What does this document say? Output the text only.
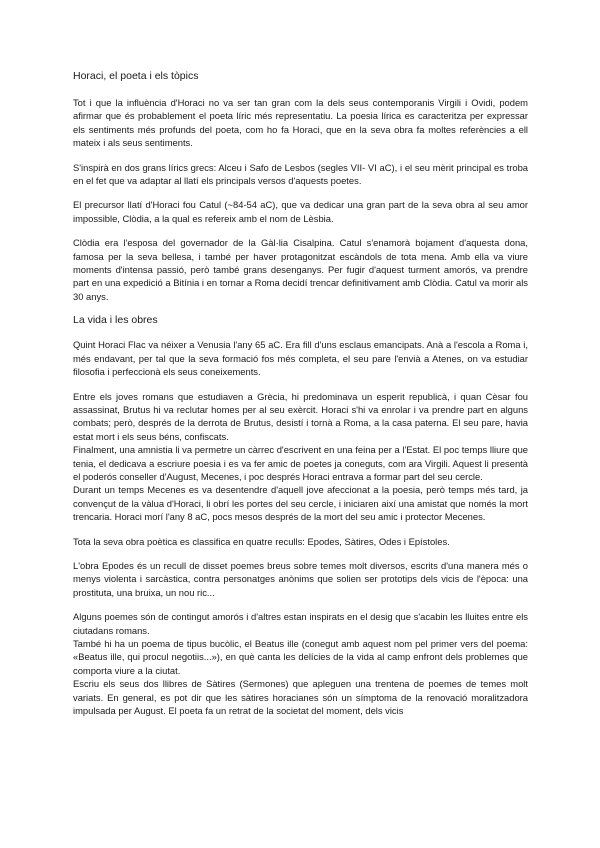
Horaci, el poeta i els tòpics

Tot i que la influència d'Horaci no va ser tan gran com la dels seus contemporanis Virgili i Ovidi, podem afirmar que és probablement el poeta líric més representatiu. La poesia lírica es caracteritza per expressar els sentiments més profunds del poeta, com ho fa Horaci, que en la seva obra fa moltes referències a ell mateix i als seus sentiments.

S'inspirà en dos grans lírics grecs: Alceu i Safo de Lesbos (segles VII- VI aC), i el seu mèrit principal es troba en el fet que va adaptar al llatí els principals versos d'aquests poetes.

El precursor llatí d'Horaci fou Catul (~84-54 aC), que va dedicar una gran part de la seva obra al seu amor impossible, Clòdia, a la qual es refereix amb el nom de Lèsbia.

Clòdia era l'esposa del governador de la Gàl·lia Cisalpina. Catul s'enamorà bojament d'aquesta dona, famosa per la seva bellesa, i també per haver protagonitzat escàndols de tota mena. Amb ella va viure moments d'intensa passió, però també grans desenganys. Per fugir d'aquest turment amorós, va prendre part en una expedició a Bitínia i en tornar a Roma decidí trencar definitivament amb Clòdia. Catul va morir als 30 anys.

La vida i les obres

Quint Horaci Flac va néixer a Venusia l'any 65 aC. Era fill d'uns esclaus emancipats. Anà a l'escola a Roma i, més endavant, per tal que la seva formació fos més completa, el seu pare l'envià a Atenes, on va estudiar filosofia i perfeccionà els seus coneixements.

Entre els joves romans que estudiaven a Grècia, hi predominava un esperit republicà, i quan Cèsar fou assassinat, Brutus hi va reclutar homes per al seu exèrcit. Horaci s'hi va enrolar i va prendre part en alguns combats; però, després de la derrota de Brutus, desistí i tornà a Roma, a la casa paterna. El seu pare, havia estat mort i els seus béns, confiscats.

Finalment, una amnistia li va permetre un càrrec d'escrivent en una feina per a l'Estat. El poc temps lliure que tenia, el dedicava a escriure poesia i es va fer amic de poetes ja coneguts, com ara Virgili. Aquest li presentà el poderós conseller d'August, Mecenes, i poc després Horaci entrava a formar part del seu cercle.

Durant un temps Mecenes es va desentendre d'aquell jove afeccionat a la poesia, però temps més tard, ja convençut de la vàlua d'Horaci, li obrí les portes del seu cercle, i iniciaren així una amistat que només la mort trencaria. Horaci morí l'any 8 aC, pocs mesos després de la mort del seu amic i protector Mecenes.

Tota la seva obra poètica es classifica en quatre reculls: Epodes, Sàtires, Odes i Epístoles.

L'obra Epodes és un recull de disset poemes breus sobre temes molt diversos, escrits d'una manera més o menys violenta i sarcàstica, contra personatges anònims que solien ser prototips dels vicis de l'època: una prostituta, una bruixa, un nou ric...

Alguns poemes són de contingut amorós i d'altres estan inspirats en el desig que s'acabin les lluites entre els ciutadans romans.

També hi ha un poema de tipus bucòlic, el Beatus ille (conegut amb aquest nom pel primer vers del poema: «Beatus ille, qui procul negotiis...»), en què canta les delícies de la vida al camp enfront dels problemes que comporta viure a la ciutat.

Escriu els seus dos llibres de Sàtires (Sermones) que apleguen una trentena de poemes de temes molt variats. En general, es pot dir que les sàtires horacianes són un símptoma de la renovació moralitzadora impulsada per August. El poeta fa un retrat de la societat del moment, dels vicis
